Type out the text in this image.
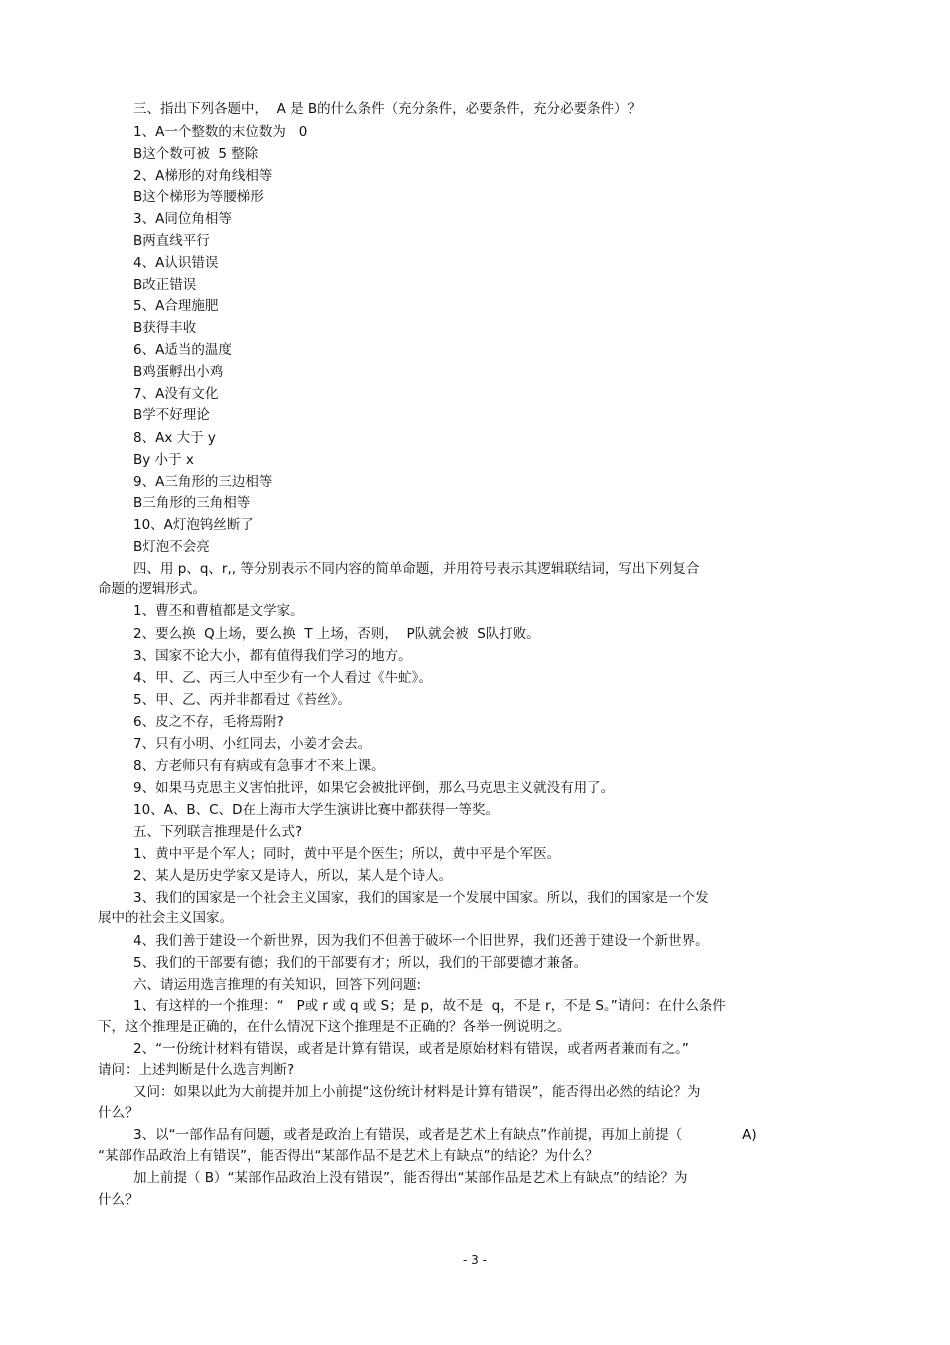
三、指出下列各题中，  A 是 B的什么条件（充分条件，必要条件，充分必要条件）？
1、A一个整数的末位数为   0
B这个数可被  5 整除
2、A梯形的对角线相等
B这个梯形为等腰梯形
3、A同位角相等
B两直线平行
4、A认识错误
B改正错误
5、A合理施肥
B获得丰收
6、A适当的温度
B鸡蛋孵出小鸡
7、A没有文化
B学不好理论
8、Ax 大于 y
By 小于 x
9、A三角形的三边相等
B三角形的三角相等
10、A灯泡钨丝断了
B灯泡不会亮
四、用 p、q、r,, 等分别表示不同内容的简单命题，并用符号表示其逻辑联结词，写出下列复合
命题的逻辑形式。
1、曹丕和曹植都是文学家。
2、要么换  Q上场，要么换  T 上场，否则，  P队就会被  S队打败。
3、国家不论大小，都有值得我们学习的地方。
4、甲、乙、丙三人中至少有一个人看过《牛虻》。
5、甲、乙、丙并非都看过《苔丝》。
6、皮之不存，毛将焉附?
7、只有小明、小红同去，小姜才会去。
8、方老师只有有病或有急事才不来上课。
9、如果马克思主义害怕批评，如果它会被批评倒，那么马克思主义就没有用了。
10、A、B、C、D在上海市大学生演讲比赛中都获得一等奖。
五、下列联言推理是什么式?
1、黄中平是个军人；同时，黄中平是个医生；所以，黄中平是个军医。
2、某人是历史学家又是诗人，所以，某人是个诗人。
3、我们的国家是一个社会主义国家，我们的国家是一个发展中国家。所以，我们的国家是一个发
展中的社会主义国家。
4、我们善于建设一个新世界，因为我们不但善于破坏一个旧世界，我们还善于建设一个新世界。
5、我们的干部要有德；我们的干部要有才；所以，我们的干部要德才兼备。
六、请运用选言推理的有关知识，回答下列问题:
1、有这样的一个推理：“   P或 r 或 q 或 S；是 p，故不是  q，不是 r，不是 S。”请问：在什么条件
下，这个推理是正确的，在什么情况下这个推理是不正确的？各举一例说明之。
2、“一份统计材料有错误，或者是计算有错误，或者是原始材料有错误，或者两者兼而有之。”
请问：上述判断是什么选言判断?
又问：如果以此为大前提并加上小前提“这份统计材料是计算有错误”，能否得出必然的结论？为
什么？
3、以“一部作品有问题，或者是政治上有错误，或者是艺术上有缺点”作前提，再加上前提（              A)
“某部作品政治上有错误”，能否得出“某部作品不是艺术上有缺点”的结论？为什么？
加上前提（ B）“某部作品政治上没有错误”，能否得出“某部作品是艺术上有缺点”的结论？为
什么？
- 3 -
